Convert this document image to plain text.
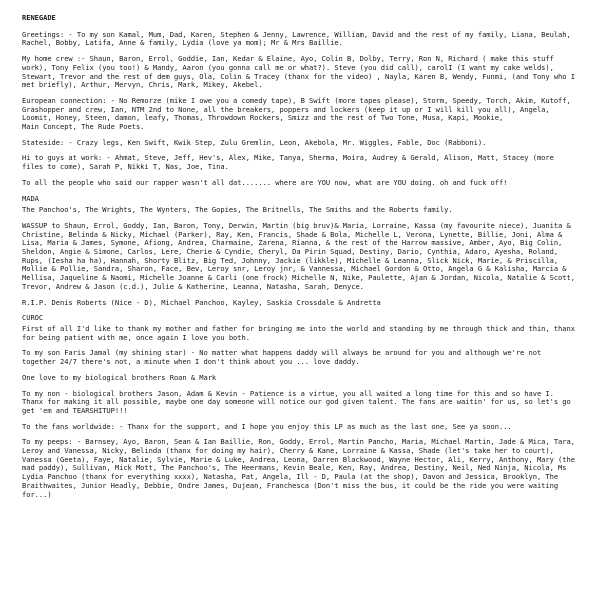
RENEGADE

Greetings: - To my son Kamal, Mum, Dad, Karen, Stephen & Jenny, Lawrence, William, David and the rest of my family, Liana, Beulah, Rachel, Bobby, Latifa, Anne & family, Lydia (love ya mom); Mr & Mrs Baillie.

My home crew :- Shaun, Baron, Errol, Goddie, Ian, Kedar & Elaine, Ayo, Colin B, Dolby, Terry, Ron N, Richard ( make this stuff work), Tony Felix (you too!) & Mandy, Aaron (you gonna call me or what?). Steve (you did call), carolI (I want my cake welds), Stewart, Trevor and the rest of dem guys, Ola, Colin & Tracey (thanx for the video) , Nayla, Karen B, Wendy, Funmi, (and Tony who I met briefly), Arthur, Mervyn, Chris, Mark, Mikey, Akebel.

European connection: - No Remorze (mike I owe you a comedy tape), B Swift (more tapes please), Storm, Speedy, Torch, Akim, Kutoff, Grashopper and crew, Ian, NTM 2nd to None, all the breakers, poppers and lockers (keep it up or I will kill you all), Angela, Loomit, Honey, Steen, damon, leafy, Thomas, Throwdown Rockers, Smizz and the rest of Two Tone, Musa, Kapi, Mookie,

Main Concept, The Rude Poets.

Stateside: - Crazy legs, Ken Swift, Kwik Step, Zulu Gremlin, Leon, Akebola, Mr. Wiggles, Fable, Doc (Rabboni).

Hi to guys at work: - Ahmat, Steve, Jeff, Hev's, Alex, Mike, Tanya, Sherma, Moira, Audrey & Gerald, Alison, Matt, Stacey (more files to come), Sarah P, Nikki T, Nas, Joe, Tina.

To all the people who said our rapper wasn't all dat....... where are YOU now, what are YOU doing. oh and fuck off!

MADA

The Panchoo's, The Wrights, The Wynters, The Gopies, The Britnells, The Smiths and the Roberts family.

WASSUP to Shaun, Errol, Goddy, Ian, Baron, Tony, Derwin, Martin (big bruv)& Maria, Lorraine, Kassa (my favourite niece), Juanita & Christine, Belinda & Nicky, Michael (Parker), Ray, Ken, Francis, Shade & Bola, Michelle L, Verona, Lynette, Billie, Joni, Alma & Lisa, Maria & James, Symone, Afiong, Andrea, Charmaine, Zarena, Rianna, & the rest of the Harrow massive, Amber, Ayo, Big Colin, Sheldon, Angie & Simone, Carlos, Lere, Cherie & Cyndie, Cheryl, Da Pirin Squad, Destiny, Dario, Cynthia, Adaro, Ayesha, Roland, Rups, (Iesha ha ha), Hannah, Shorty Blitz, Big Ted, Johnny, Jackie (likkle), Michelle & Leanna, Slick Nick, Marie, & Priscilla, Mollie & Pollie, Sandra, Sharon, Face, Bev, Leroy snr, Leroy jnr, & Vannessa, Michael Gordon & Otto, Angela G & Kalisha, Marcia & Mellisa, Jaqueline & Naomi, Michelle Joanne & Carli (one frock) Michelle N, Nike, Paulette, Ajan & Jordan, Nicola, Natalie & Scott, Trevor, Andrew & Jason (c.d.), Julie & Katherine, Leanna, Natasha, Sarah, Denyce.

R.I.P. Denis Roberts (Nice - D), Michael Panchoo, Kayley, Saskia Crossdale & Andretta

CUROC

First of all I'd like to thank my mother and father for bringing me into the world and standing by me through thick and thin, thanx for being patient with me, once again I love you both.

To my son Faris Jamal (my shining star) - No matter what happens daddy will always be around for you and although we're not together 24/7 there's not, a minute when I don't think about you ... love daddy.

One love to my biological brothers Roan & Mark

To my non - biological brothers Jason, Adam & Kevin - Patience is a virtue, you all waited a long time for this and so have I. Thanx for making it all possible, maybe one day someone will notice our god given talent. The fans are waitin' for us, so let's go get 'em and TEARSHITUP!!!

To the fans worldwide: - Thanx for the support, and I hope you enjoy this LP as much as the last one, See ya soon...

To my peeps: - Barnsey, Ayo, Baron, Sean & Ian Baillie, Ron, Goddy, Errol, Martin Pancho, Maria, Michael Martin, Jade & Mica, Tara, Leroy and Vanessa, Nicky, Belinda (thanx for doing my hair), Cherry & Kane, Lorraine & Kassa, Shade (let's take her to court), Vanessa (Geeta), Faye, Natalie, Sylvie, Marie & Luke, Andrea, Leona, Darren Blackwood, Wayne Hector, Ali, Kerry, Anthony, Mary (the mad paddy), Sullivan, Mick Mott, The Panchoo's, The Heermans, Kevin Beale, Ken, Ray, Andrea, Destiny, Neil, Ned Ninja, Nicola, Ms Lydia Panchoo (thanx for everything xxxx), Natasha, Pat, Angela, Ill - D, Paula (at the shop), Davon and Jessica, Brooklyn, The Braithwaites, Junior Headly, Debbie, Ondre James, Dujean, Franchesca (Don't miss the bus, it could be the ride you were waiting for...)
